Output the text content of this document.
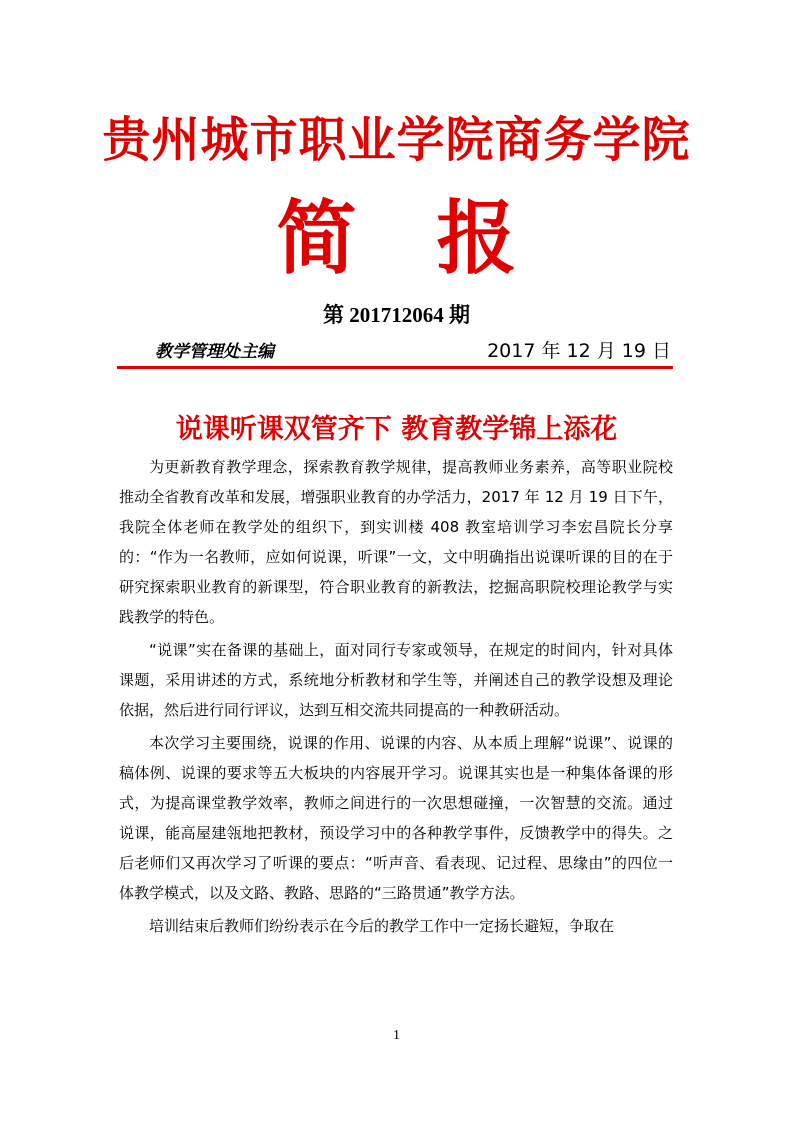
贵州城市职业学院商务学院
简 报
第 201712064 期
教学管理处主编	2017 年 12 月 19 日
说课听课双管齐下 教育教学锦上添花

为更新教育教学理念，探索教育教学规律，提高教师业务素养，高等职业院校推动全省教育改革和发展，增强职业教育的办学活力，2017 年 12 月 19 日下午，我院全体老师在教学处的组织下，到实训楼 408 教室培训学习李宏昌院长分享的：“作为一名教师，应如何说课，听课”一文，文中明确指出说课听课的目的在于研究探索职业教育的新课型，符合职业教育的新教法，挖掘高职院校理论教学与实践教学的特色。

“说课”实在备课的基础上，面对同行专家或领导，在规定的时间内，针对具体课题，采用讲述的方式，系统地分析教材和学生等，并阐述自己的教学设想及理论依据，然后进行同行评议，达到互相交流共同提高的一种教研活动。

本次学习主要围绕，说课的作用、说课的内容、从本质上理解“说课”、说课的稿体例、说课的要求等五大板块的内容展开学习。说课其实也是一种集体备课的形式，为提高课堂教学效率，教师之间进行的一次思想碰撞，一次智慧的交流。通过说课，能高屋建瓴地把教材，预设学习中的各种教学事件，反馈教学中的得失。之后老师们又再次学习了听课的要点：“听声音、看表现、记过程、思缘由”的四位一体教学模式，以及文路、教路、思路的“三路贯通”教学方法。

培训结束后教师们纷纷表示在今后的教学工作中一定扬长避短，争取在

1
